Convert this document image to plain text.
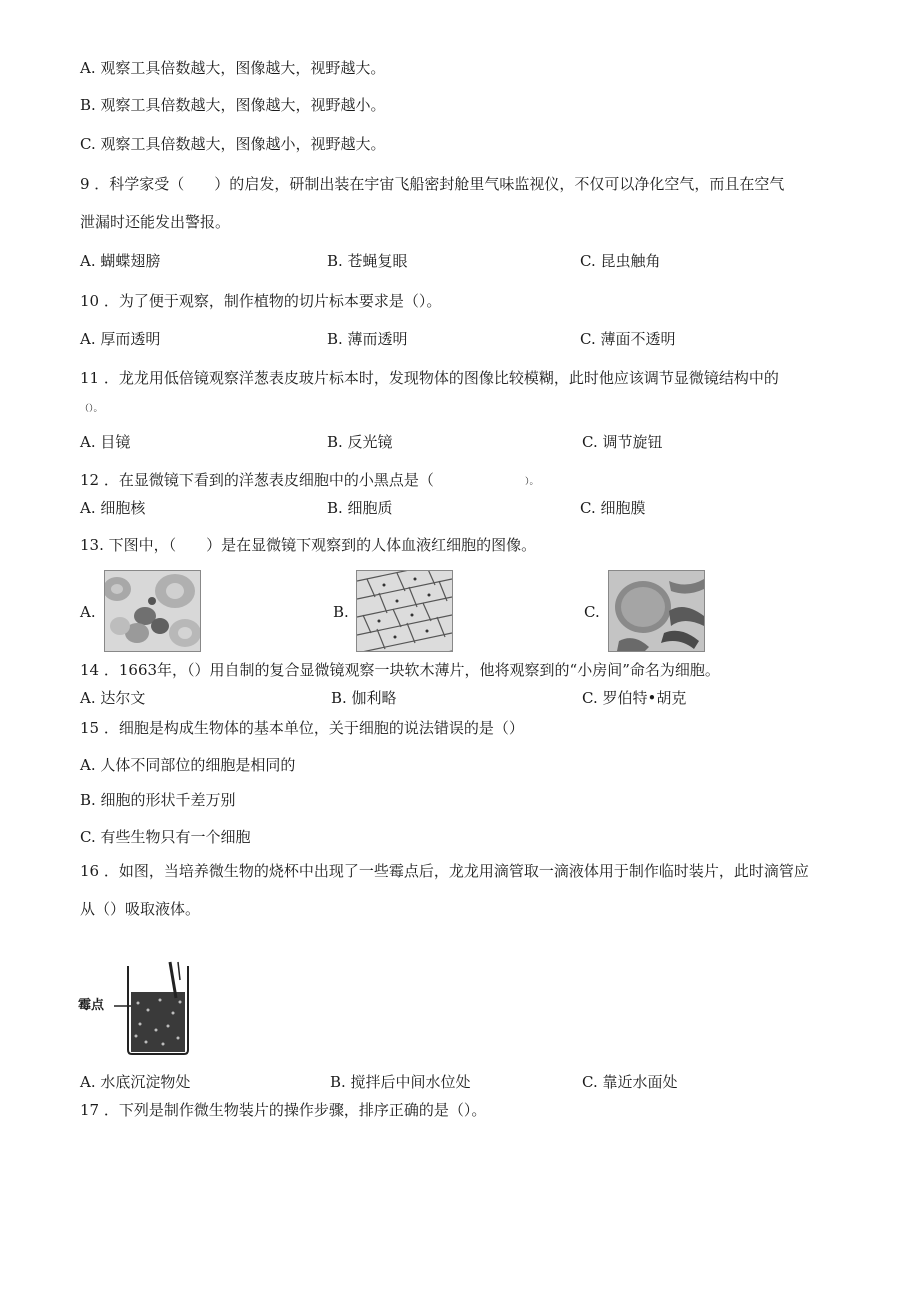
A. 观察工具倍数越大，图像越大，视野越大。
B. 观察工具倍数越大，图像越大，视野越小。
C. 观察工具倍数越大，图像越小，视野越大。
9 ．科学家受（　　）的启发，研制出装在宇宙飞船密封舱里气味监视仪，不仅可以净化空气，而且在空气
泄漏时还能发出警报。
A. 蝴蝶翅膀	B. 苍蝇复眼	C. 昆虫触角
10 ．为了便于观察，制作植物的切片标本要求是（）。
A. 厚而透明	B. 薄而透明	C. 薄面不透明
11 ．龙龙用低倍镜观察洋葱表皮玻片标本时，发现物体的图像比较模糊，此时他应该调节显微镜结构中的
（）。
A. 目镜	B. 反光镜	C. 调节旋钮
12 ．在显微镜下看到的洋葱表皮细胞中的小黑点是（	）。
A. 细胞核	B. 细胞质	C. 细胞膜
13. 下图中，（　　）是在显微镜下观察到的人体血液红细胞的图像。
A.	B.	C.
14 ．1663年，（）用自制的复合显微镜观察一块软木薄片，他将观察到的“小房间”命名为细胞。
A. 达尔文	B. 伽利略	C. 罗伯特•胡克
15 ．细胞是构成生物体的基本单位，关于细胞的说法错误的是（）
A. 人体不同部位的细胞是相同的
B. 细胞的形状千差万别
C. 有些生物只有一个细胞
16 ．如图，当培养微生物的烧杯中出现了一些霉点后，龙龙用滴管取一滴液体用于制作临时装片，此时滴管应
从（）吸取液体。
霉点
A. 水底沉淀物处	B. 搅拌后中间水位处	C. 靠近水面处
17 ．下列是制作微生物装片的操作步骤，排序正确的是（）。
